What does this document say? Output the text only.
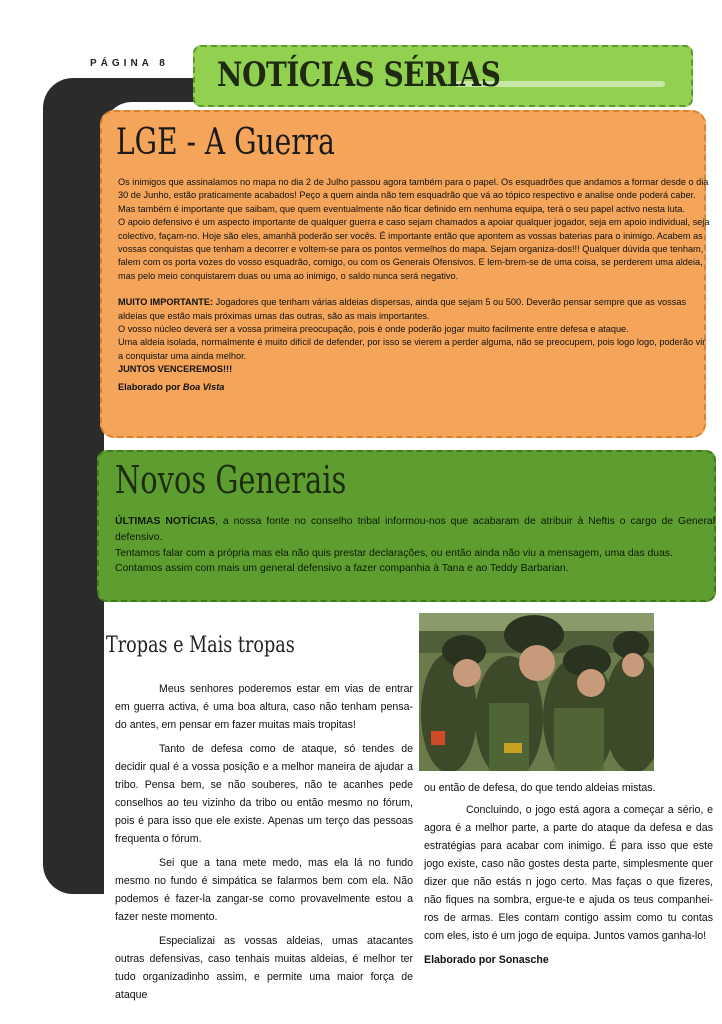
PÁGINA 8 NOTÍCIAS SÉRIAS
LGE - A Guerra

Os inimigos que assinalamos no mapa no dia 2 de Julho passou agora também para o papel. Os esquadrões que andamos a formar desde o dia 30 de Junho, estão praticamente acabados! Peço a quem ainda não tem esquadrão que vá ao tópico respectivo e analise onde poderá caber. Mas também é importante que saibam, que quem eventualmente não ficar definido em nenhuma equipa, terá o seu papel activo nesta luta.

O apoio defensivo é um aspecto importante de qualquer guerra e caso sejam chamados a apoiar qualquer jogador, seja em apoio individual, seja colectivo, façam-no. Hoje são eles, amanhã poderão ser vocês. É importante então que apontem as vossas baterias para o inimigo. Acabem as vossas conquistas que tenham a decorrer e voltem-se para os pontos vermelhos do mapa. Sejam organiza-dos!!! Qualquer dúvida que tenham, falem com os porta vozes do vosso esquadrão, comigo, ou com os Generais Ofensivos. E lem-brem-se de uma coisa, se perderem uma aldeia, mas pelo meio conquistarem duas ou uma ao inimigo, o saldo nunca será negativo.

MUITO IMPORTANTE: Jogadores que tenham várias aldeias dispersas, ainda que sejam 5 ou 500. Deverão pensar sempre que as vossas aldeias que estão mais próximas umas das outras, são as mais importantes.

O vosso núcleo deverá ser a vossa primeira preocupação, pois é onde poderão jogar muito facilmente entre defesa e ataque.

Uma aldeia isolada, normalmente é muito difícil de defender, por isso se vierem a perder alguma, não se preocupem, pois logo logo, poderão vir a conquistar uma ainda melhor.

JUNTOS VENCEREMOS!!!

Elaborado por Boa Vista

Novos Generais

ÚLTIMAS NOTÍCIAS, a nossa fonte no conselho tribal informou-nos que acabaram de atribuir à Neftis o cargo de General defensivo.

Tentamos falar com a própria mas ela não quis prestar declarações, ou então ainda não viu a mensagem, uma das duas.

Contamos assim com mais um general defensivo a fazer companhia à Tana e ao Teddy Barbarian.

Tropas e Mais tropas

Meus senhores poderemos estar em vias de entrar em guerra activa, é uma boa altura, caso não tenham pensa-do antes, em pensar em fazer muitas mais tropitas!

Tanto de defesa como de ataque, só tendes de decidir qual é a vossa posição e a melhor maneira de ajudar a tribo. Pensa bem, se não souberes, não te acanhes pede conselhos ao teu vizinho da tribo ou então mesmo no fórum, pois é para isso que ele existe. Apenas um terço das pessoas frequenta o fórum.

Sei que a tana mete medo, mas ela lá no fundo mesmo no fundo é simpática se falarmos bem com ela. Não podemos é fazer-la zangar-se como provavelmente estou a fazer neste momento.

Especializai as vossas aldeias, umas atacantes outras defensivas, caso tenhais muitas aldeias, é melhor ter tudo organizadinho assim, e permite uma maior força de ataque

ou então de defesa, do que tendo aldeias mistas.

Concluindo, o jogo está agora a começar a sério, e agora é a melhor parte, a parte do ataque da defesa e das estratégias para acabar com inimigo. É para isso que este jogo existe, caso não gostes desta parte, simplesmente quer dizer que não estás n jogo certo. Mas faças o que fizeres, não fiques na sombra, ergue-te e ajuda os teus companhei-ros de armas. Eles contam contigo assim como tu contas com eles, isto é um jogo de equipa. Juntos vamos ganha-lo!

Elaborado por Sonasche
